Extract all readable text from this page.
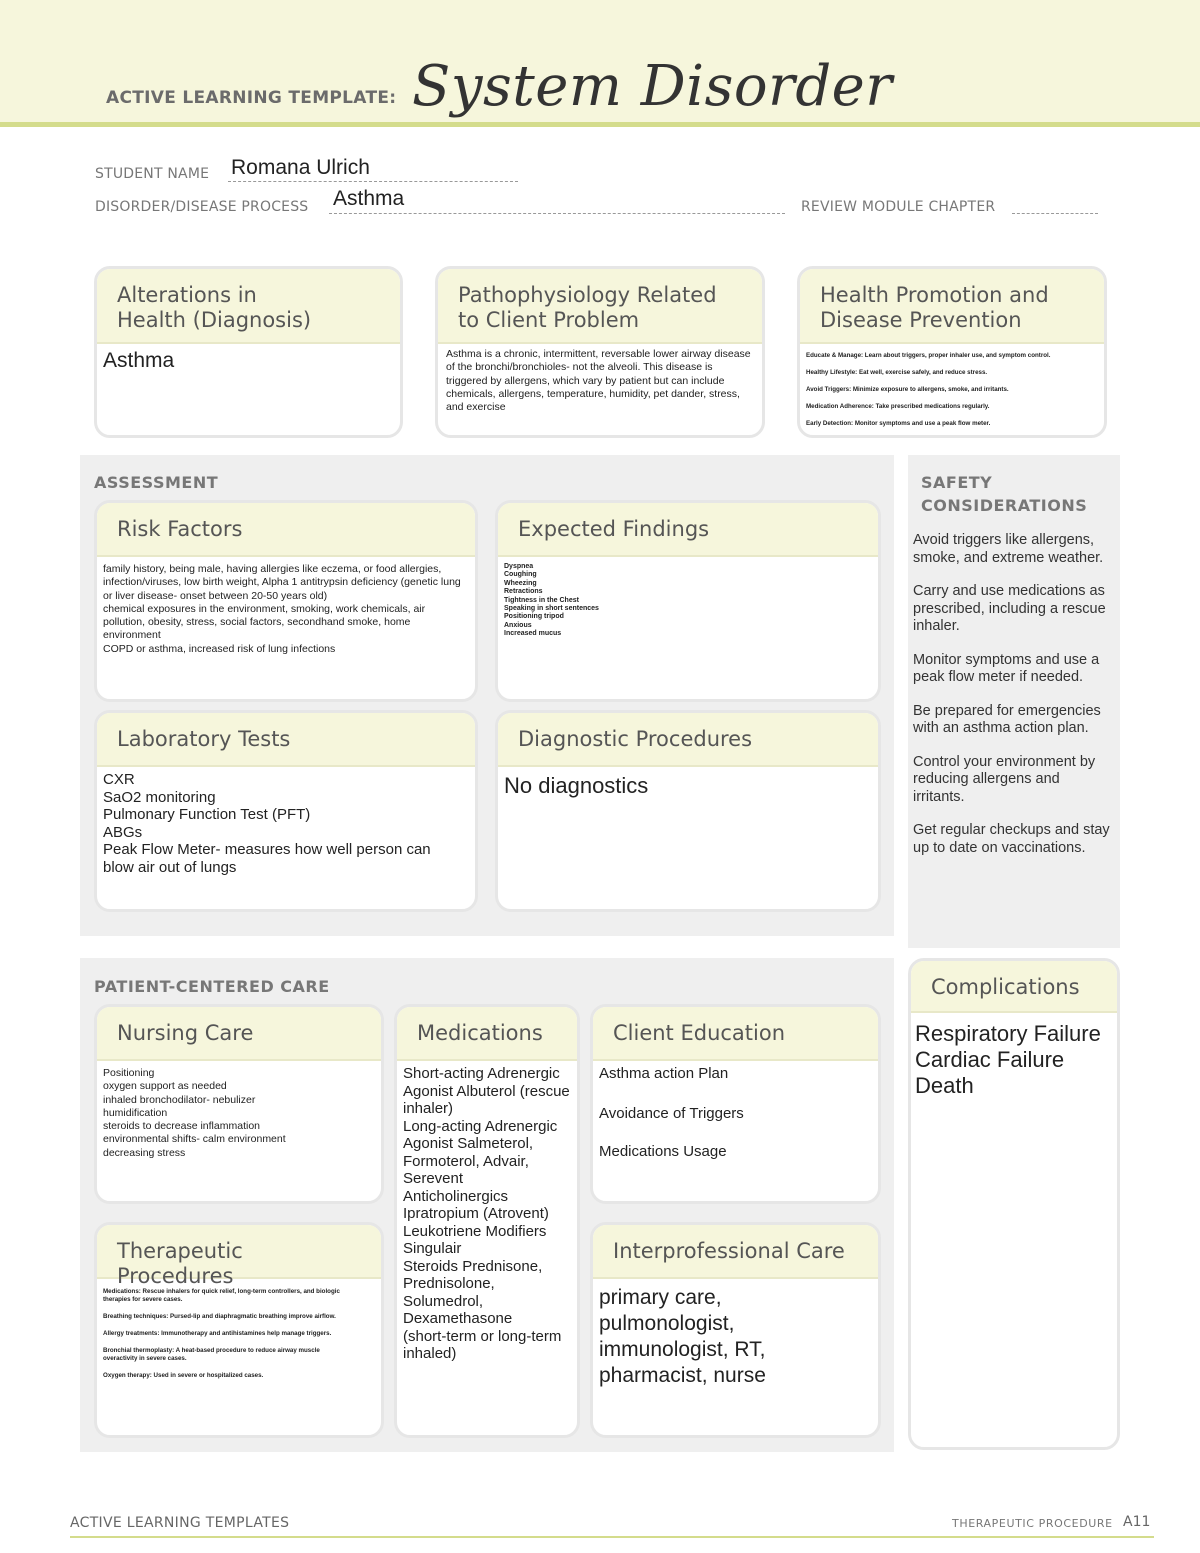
ACTIVE LEARNING TEMPLATE: System Disorder
STUDENT NAME Romana Ulrich
DISORDER/DISEASE PROCESS Asthma	REVIEW MODULE CHAPTER
Alterations in
Health (Diagnosis)
Asthma
Pathophysiology Related
to Client Problem
Asthma is a chronic, intermittent, reversable lower airway disease of the bronchi/bronchioles- not the alveoli. This disease is triggered by allergens, which vary by patient but can include chemicals, allergens, temperature, humidity, pet dander, stress, and exercise
Health Promotion and
Disease Prevention
Educate & Manage: Learn about triggers, proper inhaler use, and symptom control.
Healthy Lifestyle: Eat well, exercise safely, and reduce stress.
Avoid Triggers: Minimize exposure to allergens, smoke, and irritants.
Medication Adherence: Take prescribed medications regularly.
Early Detection: Monitor symptoms and use a peak flow meter.
ASSESSMENT
Risk Factors
family history, being male, having allergies like eczema, or food allergies, infection/viruses, low birth weight, Alpha 1 antitrypsin deficiency (genetic lung or liver disease- onset between 20-50 years old)
chemical exposures in the environment, smoking, work chemicals, air pollution, obesity, stress, social factors, secondhand smoke, home environment
COPD or asthma, increased risk of lung infections
Expected Findings
Dyspnea
Coughing
Wheezing
Retractions
Tightness in the Chest
Speaking in short sentences
Positioning tripod
Anxious
Increased mucus
Laboratory Tests
CXR
SaO2 monitoring
Pulmonary Function Test (PFT)
ABGs
Peak Flow Meter- measures how well person can blow air out of lungs
Diagnostic Procedures
No diagnostics
SAFETY
CONSIDERATIONS

Avoid triggers like allergens, smoke, and extreme weather.

Carry and use medications as prescribed, including a rescue inhaler.

Monitor symptoms and use a peak flow meter if needed.

Be prepared for emergencies with an asthma action plan.

Control your environment by reducing allergens and irritants.

Get regular checkups and stay up to date on vaccinations.

PATIENT-CENTERED CARE
Nursing Care
Positioning
oxygen support as needed
inhaled bronchodilator- nebulizer
humidification
steroids to decrease inflammation
environmental shifts- calm environment
decreasing stress
Medications
Short-acting Adrenergic Agonist Albuterol (rescue inhaler)
Long-acting Adrenergic Agonist Salmeterol, Formoterol, Advair, Serevent
Anticholinergics
Ipratropium (Atrovent)
Leukotriene Modifiers
Singulair
Steroids Prednisone, Prednisolone, Solumedrol, Dexamethasone
(short-term or long-term inhaled)
Client Education
Asthma action Plan
Avoidance of Triggers
Medications Usage
Therapeutic Procedures
Medications: Rescue inhalers for quick relief, long-term controllers, and biologic therapies for severe cases.
Breathing techniques: Pursed-lip and diaphragmatic breathing improve airflow.
Allergy treatments: Immunotherapy and antihistamines help manage triggers.
Bronchial thermoplasty: A heat-based procedure to reduce airway muscle overactivity in severe cases.
Oxygen therapy: Used in severe or hospitalized cases.
Interprofessional Care
primary care,
pulmonologist,
immunologist, RT,
pharmacist, nurse
Complications
Respiratory Failure
Cardiac Failure
Death
ACTIVE LEARNING TEMPLATES	THERAPEUTIC PROCEDURE A11
